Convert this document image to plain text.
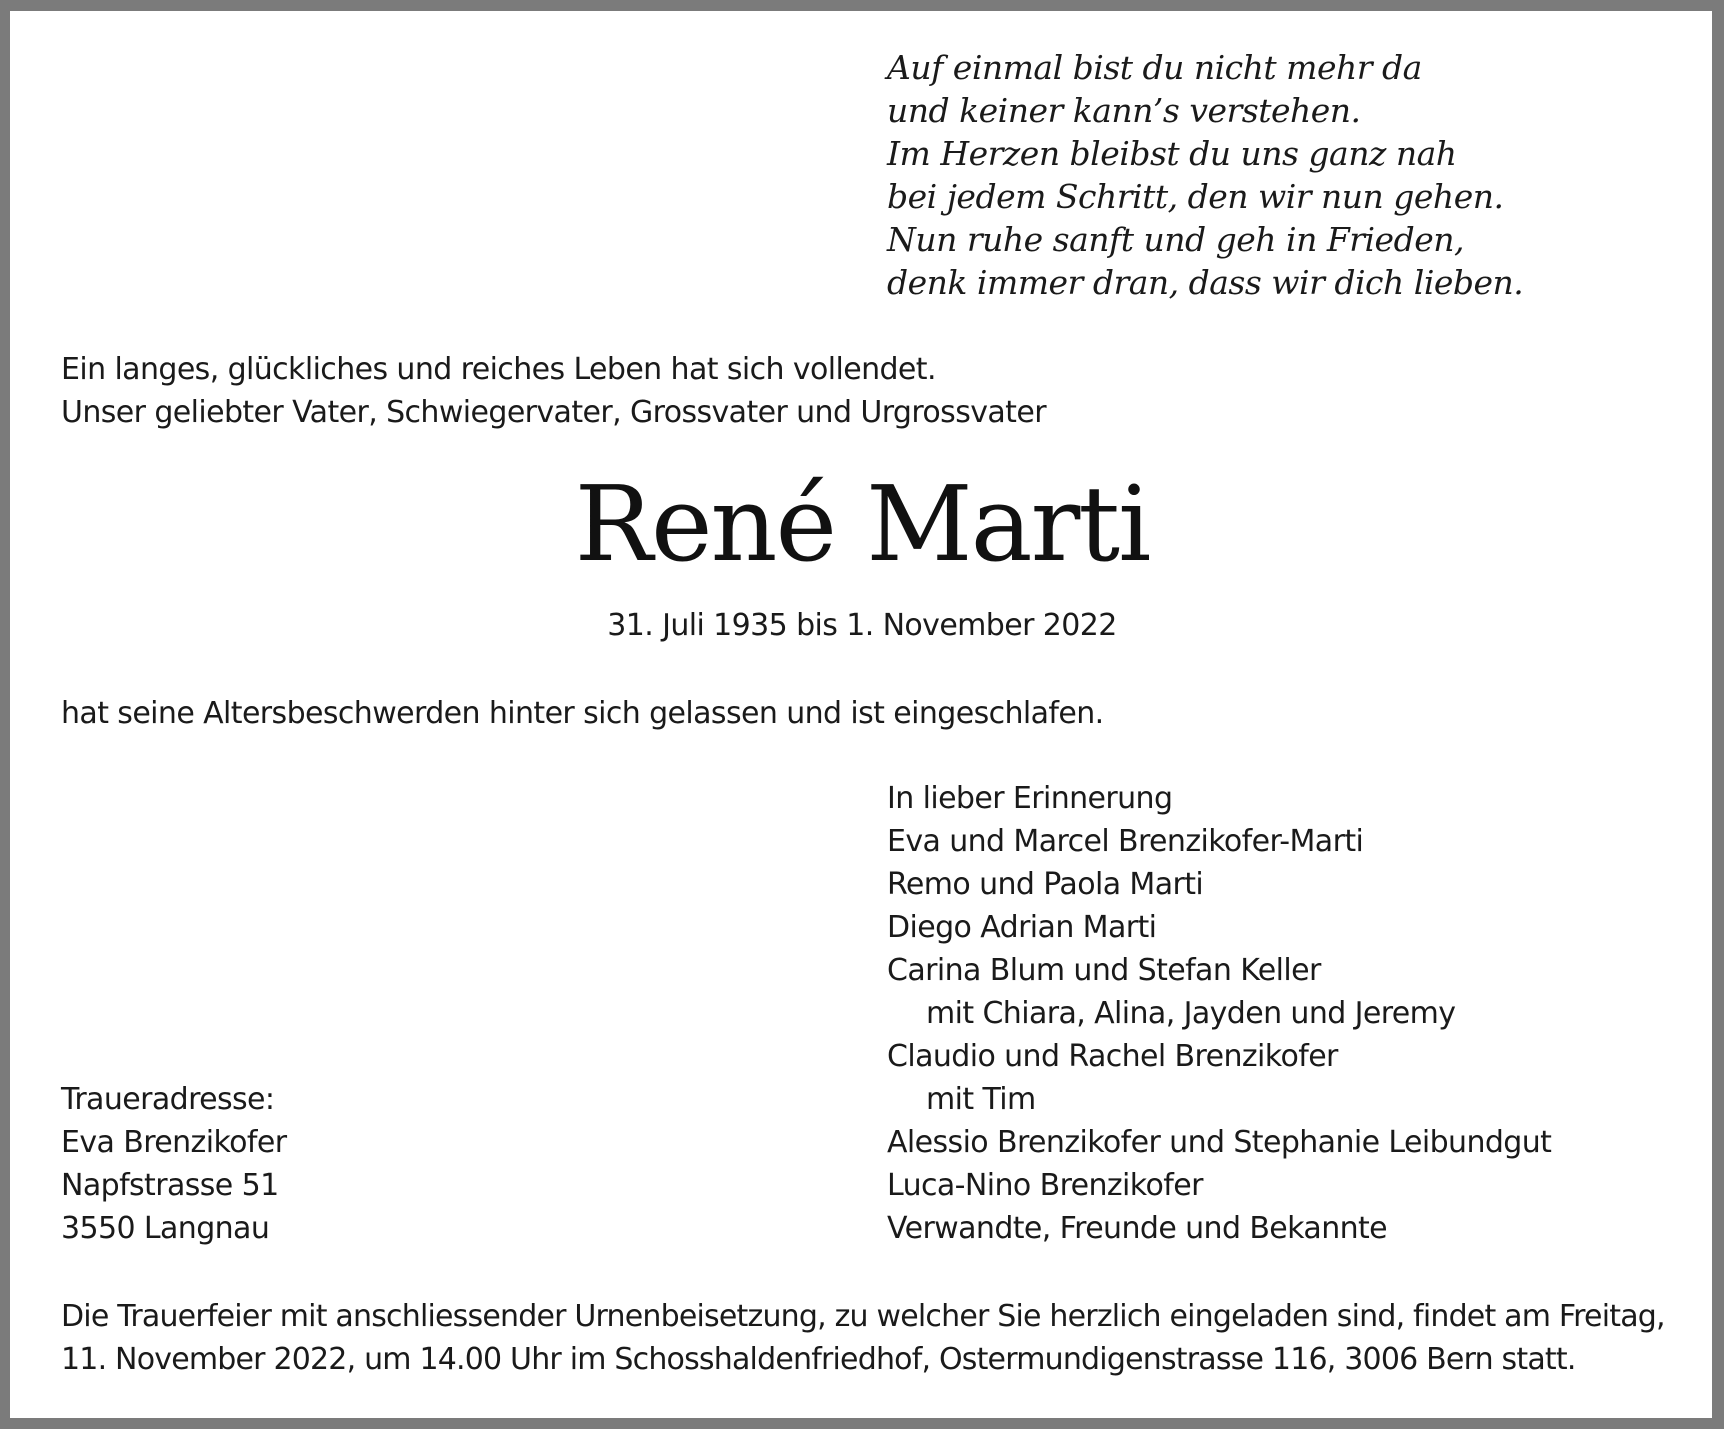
Auf einmal bist du nicht mehr da
und keiner kann’s verstehen.
Im Herzen bleibst du uns ganz nah
bei jedem Schritt, den wir nun gehen.
Nun ruhe sanft und geh in Frieden,
denk immer dran, dass wir dich lieben.
Ein langes, glückliches und reiches Leben hat sich vollendet.
Unser geliebter Vater, Schwiegervater, Grossvater und Urgrossvater
René Marti
31. Juli 1935 bis 1. November 2022
hat seine Altersbeschwerden hinter sich gelassen und ist eingeschlafen.
In lieber Erinnerung
Eva und Marcel Brenzikofer-Marti
Remo und Paola Marti
Diego Adrian Marti
Carina Blum und Stefan Keller
mit Chiara, Alina, Jayden und Jeremy
Claudio und Rachel Brenzikofer
mit Tim
Alessio Brenzikofer und Stephanie Leibundgut
Luca-Nino Brenzikofer
Verwandte, Freunde und Bekannte
Traueradresse:
Eva Brenzikofer
Napfstrasse 51
3550 Langnau
Die Trauerfeier mit anschliessender Urnenbeisetzung, zu welcher Sie herzlich eingeladen sind, findet am Freitag,
11. November 2022, um 14.00 Uhr im Schosshaldenfriedhof, Ostermundigenstrasse 116, 3006 Bern statt.
